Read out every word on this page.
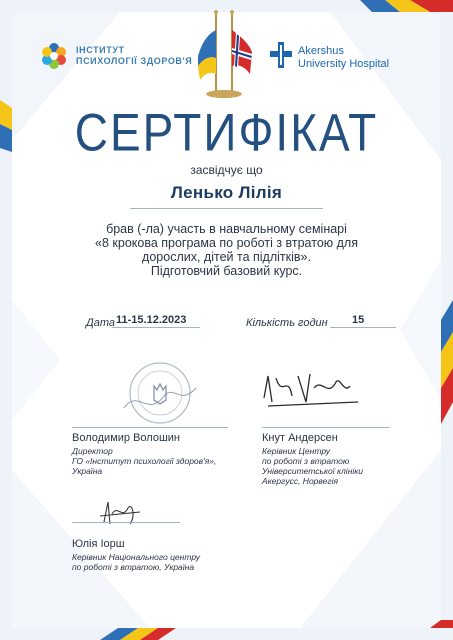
ІНСТИТУТ
ПСИХОЛОГІЇ ЗДОРОВ'Я
Akershus
University Hospital
СЕРТИФІКАТ
засвідчує що
Ленько Лілія
брав (-ла) участь в навчальному семінарі
«8 крокова програма по роботі з втратою для
дорослих, дітей та підлітків».
Підготовчий базовий курс.
Дата 11-15.12.2023	Кількість годин 15
Володимир Волошин
Директор
ГО «Інститут психології здоров'я»,
Україна
Кнут Андерсен
Керівник Центру
по роботі з втратою
Університетської клініки
Акергусс, Норвегія
Юлія Іорш
Керівник Національного центру
по роботі з втратою, Україна
